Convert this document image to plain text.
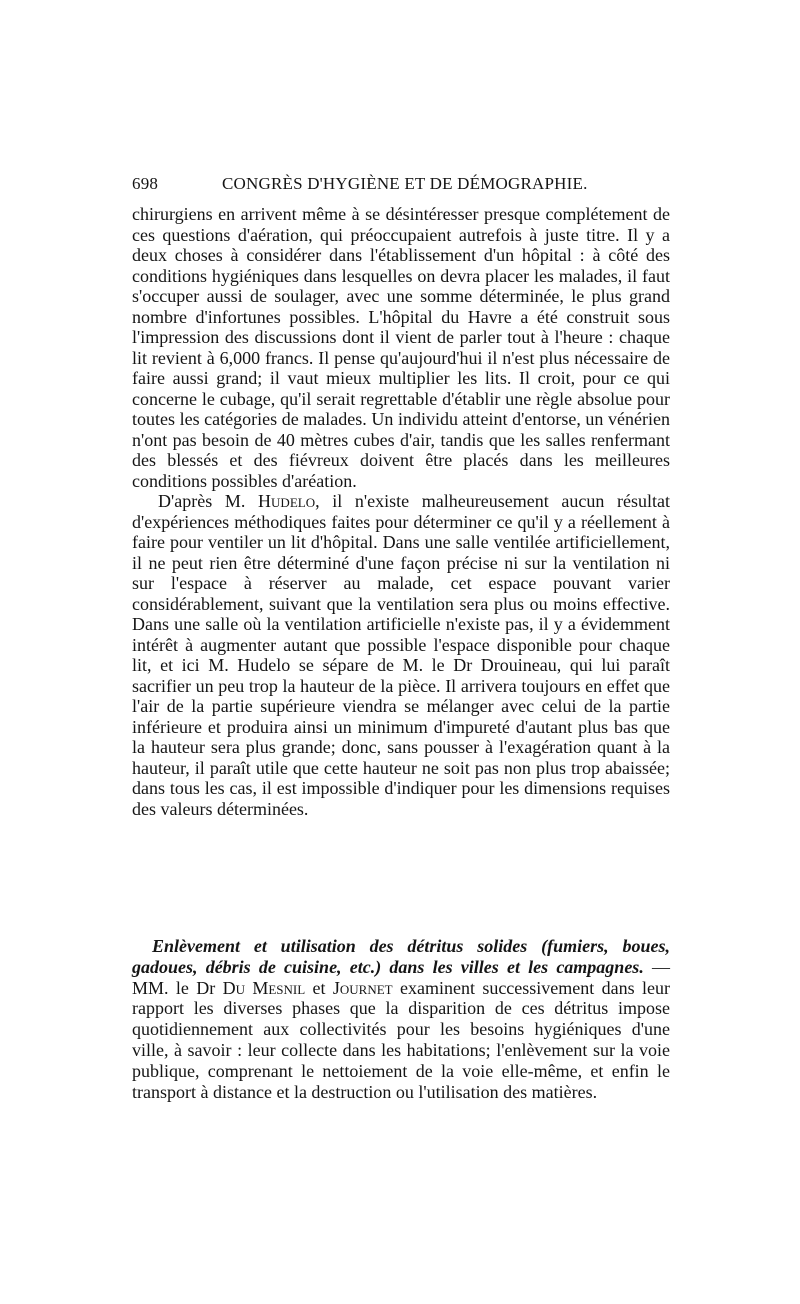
698	CONGRÈS D'HYGIÈNE ET DE DÉMOGRAPHIE.

chirurgiens en arrivent même à se désintéresser presque complétement de ces questions d'aération, qui préoccupaient autrefois à juste titre. Il y a deux choses à considérer dans l'établissement d'un hôpital : à côté des conditions hygiéniques dans lesquelles on devra placer les malades, il faut s'occuper aussi de soulager, avec une somme déterminée, le plus grand nombre d'infortunes possibles. L'hôpital du Havre a été construit sous l'impression des discussions dont il vient de parler tout à l'heure : chaque lit revient à 6,000 francs. Il pense qu'aujourd'hui il n'est plus nécessaire de faire aussi grand; il vaut mieux multiplier les lits. Il croit, pour ce qui concerne le cubage, qu'il serait regrettable d'établir une règle absolue pour toutes les catégories de malades. Un individu atteint d'entorse, un vénérien n'ont pas besoin de 40 mètres cubes d'air, tandis que les salles renfermant des blessés et des fiévreux doivent être placés dans les meilleures conditions possibles d'aréation.

D'après M. Hudelo, il n'existe malheureusement aucun résultat d'expériences méthodiques faites pour déterminer ce qu'il y a réellement à faire pour ventiler un lit d'hôpital. Dans une salle ventilée artificiellement, il ne peut rien être déterminé d'une façon précise ni sur la ventilation ni sur l'espace à réserver au malade, cet espace pouvant varier considérablement, suivant que la ventilation sera plus ou moins effective. Dans une salle où la ventilation artificielle n'existe pas, il y a évidemment intérêt à augmenter autant que possible l'espace disponible pour chaque lit, et ici M. Hudelo se sépare de M. le Dr Drouineau, qui lui paraît sacrifier un peu trop la hauteur de la pièce. Il arrivera toujours en effet que l'air de la partie supérieure viendra se mélanger avec celui de la partie inférieure et produira ainsi un minimum d'impureté d'autant plus bas que la hauteur sera plus grande; donc, sans pousser à l'exagération quant à la hauteur, il paraît utile que cette hauteur ne soit pas non plus trop abaissée; dans tous les cas, il est impossible d'indiquer pour les dimensions requises des valeurs déterminées.

Enlèvement et utilisation des détritus solides (fumiers, boues, gadoues, débris de cuisine, etc.) dans les villes et les campagnes. — MM. le Dr Du Mesnil et Journet examinent successivement dans leur rapport les diverses phases que la disparition de ces détritus impose quotidiennement aux collectivités pour les besoins hygiéniques d'une ville, à savoir : leur collecte dans les habitations; l'enlèvement sur la voie publique, comprenant le nettoiement de la voie elle-même, et enfin le transport à distance et la destruction ou l'utilisation des matières.
